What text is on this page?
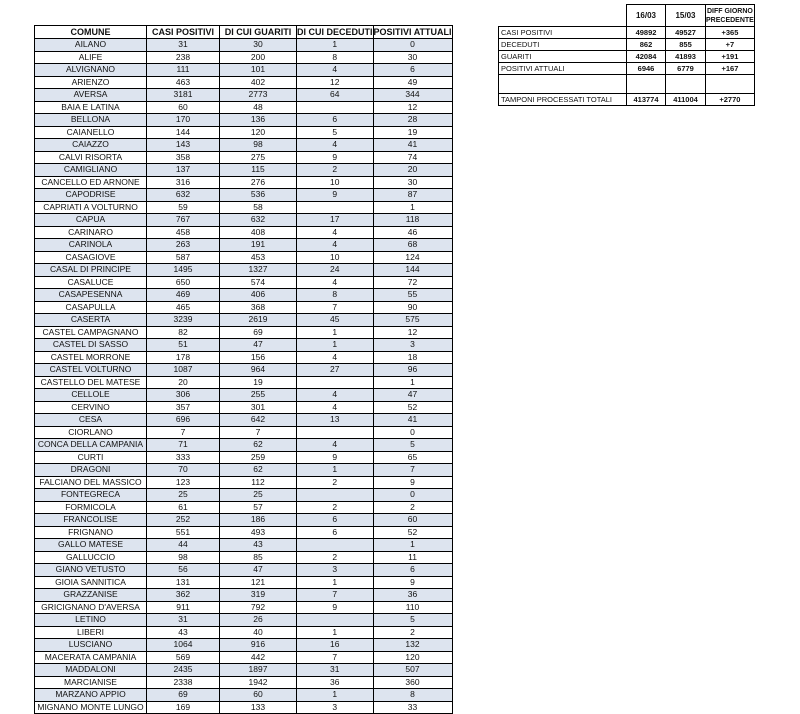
COMUNE	CASI POSITIVI	DI CUI GUARITI	DI CUI DECEDUTI	POSITIVI ATTUALI
AILANO	31	30	1	0
ALIFE	238	200	8	30
ALVIGNANO	111	101	4	6
ARIENZO	463	402	12	49
AVERSA	3181	2773	64	344
BAIA E LATINA	60	48		12
BELLONA	170	136	6	28
CAIANELLO	144	120	5	19
CAIAZZO	143	98	4	41
CALVI RISORTA	358	275	9	74
CAMIGLIANO	137	115	2	20
CANCELLO ED ARNONE	316	276	10	30
CAPODRISE	632	536	9	87
CAPRIATI A VOLTURNO	59	58		1
CAPUA	767	632	17	118
CARINARO	458	408	4	46
CARINOLA	263	191	4	68
CASAGIOVE	587	453	10	124
CASAL DI PRINCIPE	1495	1327	24	144
CASALUCE	650	574	4	72
CASAPESENNA	469	406	8	55
CASAPULLA	465	368	7	90
CASERTA	3239	2619	45	575
CASTEL CAMPAGNANO	82	69	1	12
CASTEL DI SASSO	51	47	1	3
CASTEL MORRONE	178	156	4	18
CASTEL VOLTURNO	1087	964	27	96
CASTELLO DEL MATESE	20	19		1
CELLOLE	306	255	4	47
CERVINO	357	301	4	52
CESA	696	642	13	41
CIORLANO	7	7		0
CONCA DELLA CAMPANIA	71	62	4	5
CURTI	333	259	9	65
DRAGONI	70	62	1	7
FALCIANO DEL MASSICO	123	112	2	9
FONTEGRECA	25	25		0
FORMICOLA	61	57	2	2
FRANCOLISE	252	186	6	60
FRIGNANO	551	493	6	52
GALLO MATESE	44	43		1
GALLUCCIO	98	85	2	11
GIANO VETUSTO	56	47	3	6
GIOIA SANNITICA	131	121	1	9
GRAZZANISE	362	319	7	36
GRICIGNANO D'AVERSA	911	792	9	110
LETINO	31	26		5
LIBERI	43	40	1	2
LUSCIANO	1064	916	16	132
MACERATA CAMPANIA	569	442	7	120
MADDALONI	2435	1897	31	507
MARCIANISE	2338	1942	36	360
MARZANO APPIO	69	60	1	8
MIGNANO MONTE LUNGO	169	133	3	33
	16/03	15/03	DIFF GIORNO PRECEDENTE
CASI POSITIVI	49892	49527	+365
DECEDUTI	862	855	+7
GUARITI	42084	41893	+191
POSITIVI ATTUALI	6946	6779	+167

TAMPONI PROCESSATI TOTALI	413774	411004	+2770
